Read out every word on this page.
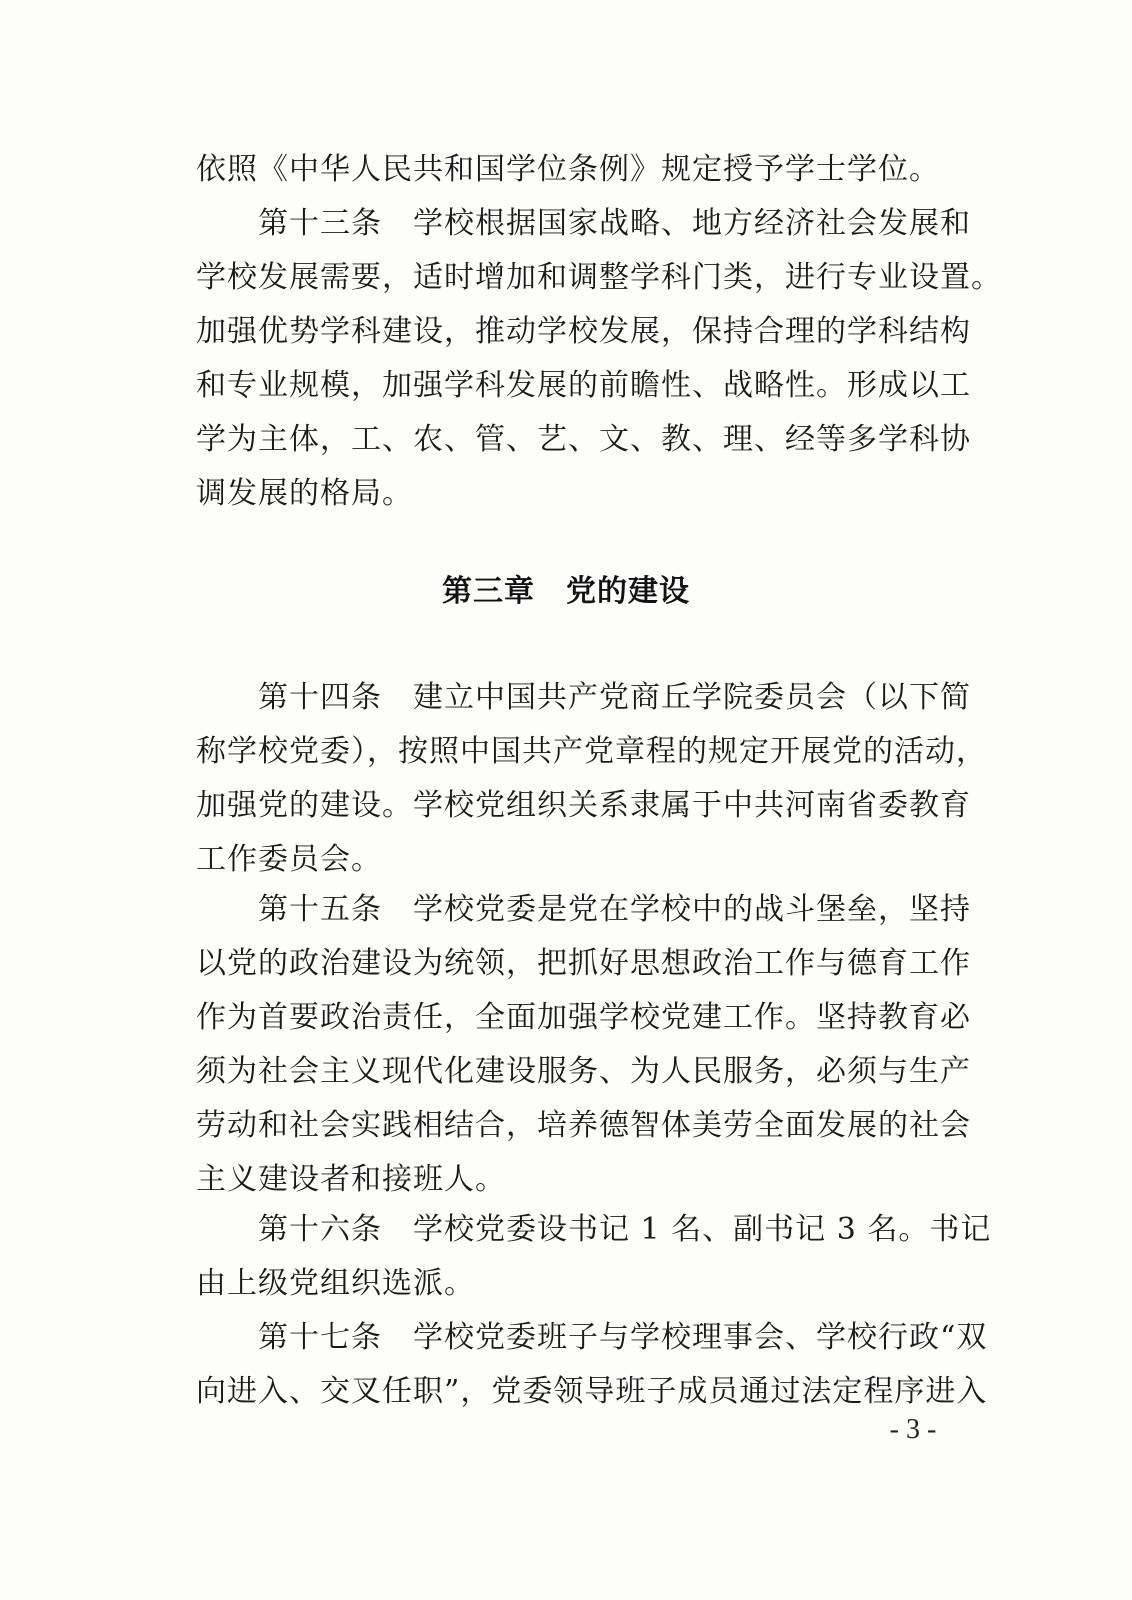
依照《中华人民共和国学位条例》规定授予学士学位。
第十三条　学校根据国家战略、地方经济社会发展和
学校发展需要，适时增加和调整学科门类，进行专业设置。
加强优势学科建设，推动学校发展，保持合理的学科结构
和专业规模，加强学科发展的前瞻性、战略性。形成以工
学为主体，工、农、管、艺、文、教、理、经等多学科协
调发展的格局。
第三章　党的建设
第十四条　建立中国共产党商丘学院委员会（以下简
称学校党委），按照中国共产党章程的规定开展党的活动，
加强党的建设。学校党组织关系隶属于中共河南省委教育
工作委员会。
第十五条　学校党委是党在学校中的战斗堡垒，坚持
以党的政治建设为统领，把抓好思想政治工作与德育工作
作为首要政治责任，全面加强学校党建工作。坚持教育必
须为社会主义现代化建设服务、为人民服务，必须与生产
劳动和社会实践相结合，培养德智体美劳全面发展的社会
主义建设者和接班人。
第十六条　学校党委设书记 1 名、副书记 3 名。书记
由上级党组织选派。
第十七条　学校党委班子与学校理事会、学校行政“双
向进入、交叉任职”，党委领导班子成员通过法定程序进入
- 3 -
